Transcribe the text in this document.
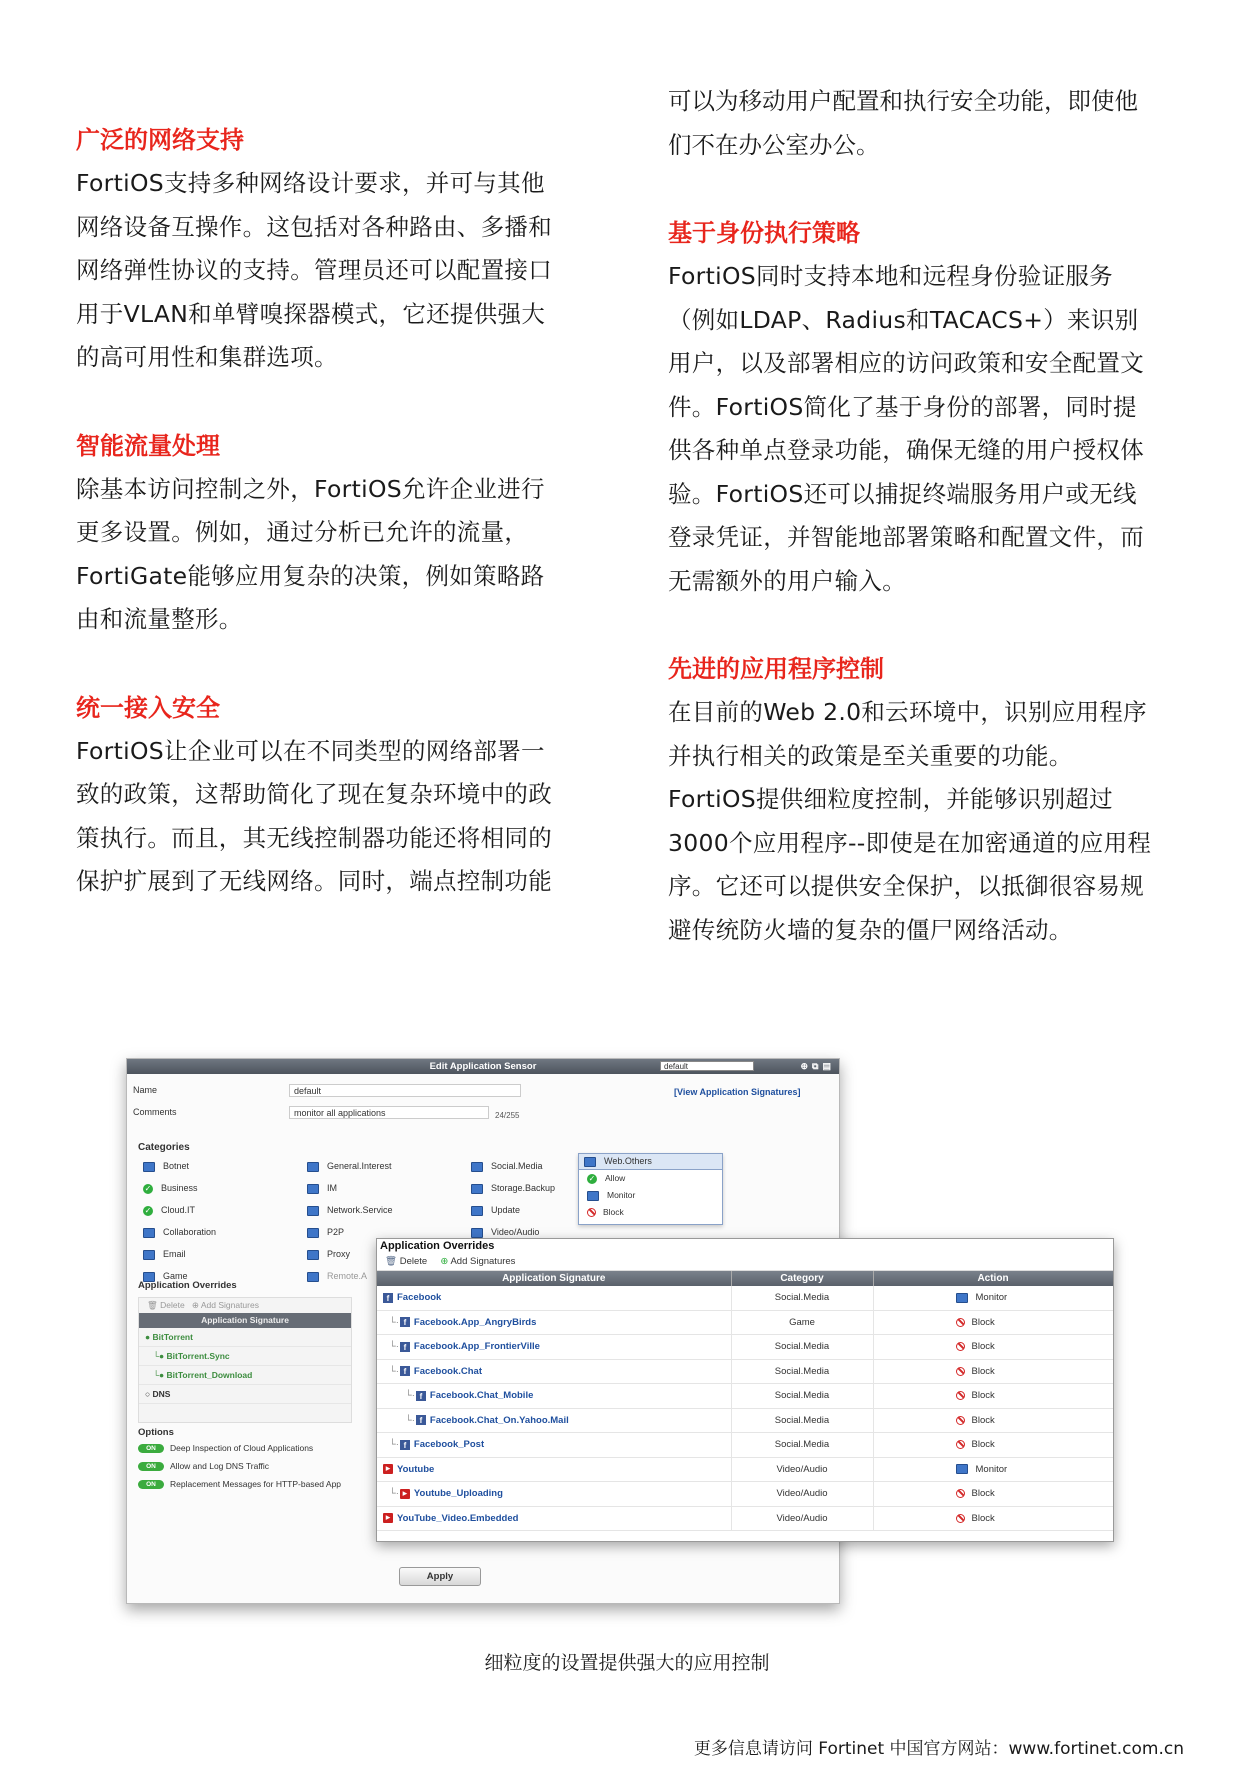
广泛的网络支持
FortiOS支持多种网络设计要求，并可与其他
网络设备互操作。这包括对各种路由、多播和
网络弹性协议的支持。管理员还可以配置接口
用于VLAN和单臂嗅探器模式，它还提供强大
的高可用性和集群选项。
智能流量处理
除基本访问控制之外，FortiOS允许企业进行
更多设置。例如，通过分析已允许的流量，
FortiGate能够应用复杂的决策，例如策略路
由和流量整形。
统一接入安全
FortiOS让企业可以在不同类型的网络部署一
致的政策，这帮助简化了现在复杂环境中的政
策执行。而且，其无线控制器功能还将相同的
保护扩展到了无线网络。同时，端点控制功能
可以为移动用户配置和执行安全功能，即使他
们不在办公室办公。
基于身份执行策略
FortiOS同时支持本地和远程身份验证服务
（例如LDAP、Radius和TACACS+）来识别
用户，以及部署相应的访问政策和安全配置文
件。FortiOS简化了基于身份的部署，同时提
供各种单点登录功能，确保无缝的用户授权体
验。FortiOS还可以捕捉终端服务用户或无线
登录凭证，并智能地部署策略和配置文件，而
无需额外的用户输入。
先进的应用程序控制
在目前的Web 2.0和云环境中，识别应用程序
并执行相关的政策是至关重要的功能。
FortiOS提供细粒度控制，并能够识别超过
3000个应用程序--即使是在加密通道的应用程
序。它还可以提供安全保护，以抵御很容易规
避传统防火墙的复杂的僵尸网络活动。
Edit Application Sensor	default	⊕⧉▤
Name	default
Comments	monitor all applications	24/255
[View Application Signatures]
Categories
Botnet
✓ Business
✓ Cloud.IT
Collaboration
Email
Game
General.Interest
IM
Network.Service
P2P
Proxy
Remote.A
Social.Media
Storage.Backup
Update
Video/Audio
Web.Others
✓ Allow
Monitor
Block
Application Overrides
🗑 Delete ⊕ Add Signatures
Application Signature
● BitTorrent
└● BitTorrent.Sync
└● BitTorrent_Download
○ DNS
Options
ON Deep Inspection of Cloud Applications
ON Allow and Log DNS Traffic
ON Replacement Messages for HTTP-based App
Apply
Application Overrides
🗑 Delete ⊕ Add Signatures
Application Signature	Category	Action
f Facebook	Social.Media	Monitor
└· f Facebook.App_AngryBirds	Game	Block
└· f Facebook.App_FrontierVille	Social.Media	Block
└· f Facebook.Chat	Social.Media	Block
└· f Facebook.Chat_Mobile	Social.Media	Block
└· f Facebook.Chat_On.Yahoo.Mail	Social.Media	Block
└· f Facebook_Post	Social.Media	Block
▶ Youtube	Video/Audio	Monitor
└· ▶ Youtube_Uploading	Video/Audio	Block
▶ YouTube_Video.Embedded	Video/Audio	Block
细粒度的设置提供强大的应用控制
更多信息请访问 Fortinet 中国官方网站：www.fortinet.com.cn
